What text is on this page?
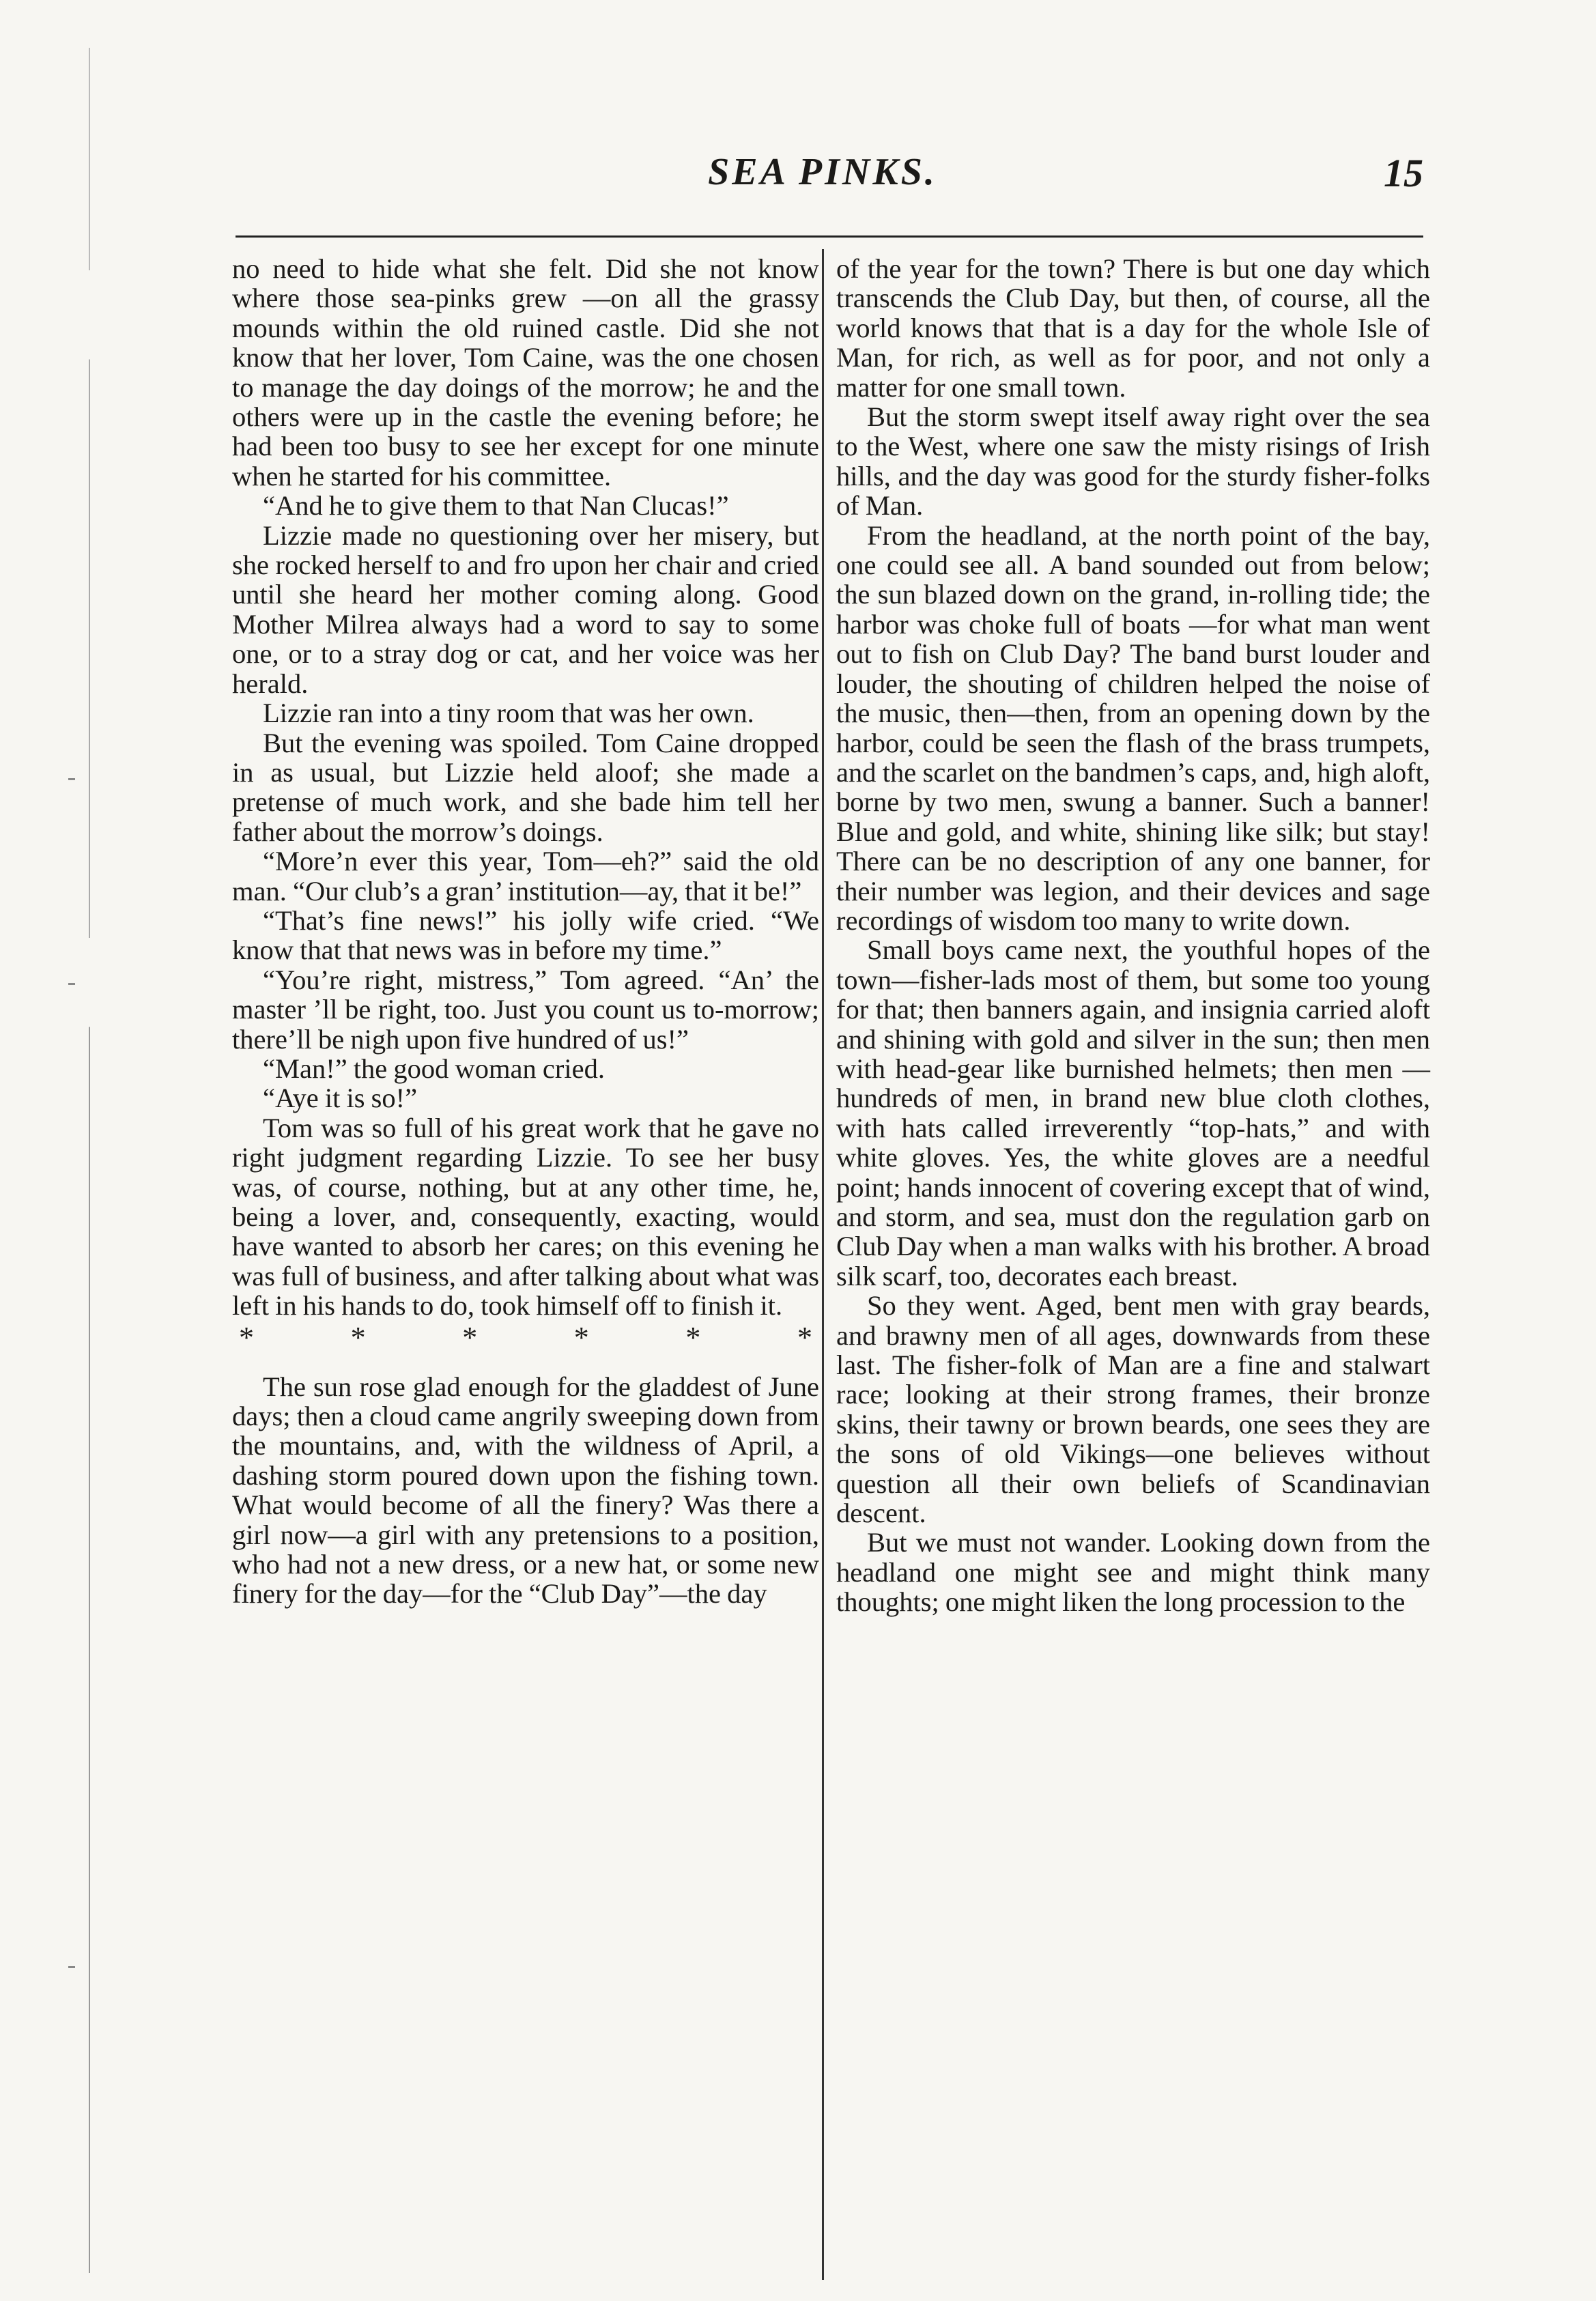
SEA PINKS.	15

no need to hide what she felt. Did she not know where those sea-pinks grew —on all the grassy mounds within the old ruined castle. Did she not know that her lover, Tom Caine, was the one chosen to manage the day doings of the morrow; he and the others were up in the castle the evening before; he had been too busy to see her except for one minute when he started for his committee.

“And he to give them to that Nan Clucas!”

Lizzie made no questioning over her misery, but she rocked herself to and fro upon her chair and cried until she heard her mother coming along. Good Mother Milrea always had a word to say to some one, or to a stray dog or cat, and her voice was her herald.

Lizzie ran into a tiny room that was her own.

But the evening was spoiled. Tom Caine dropped in as usual, but Lizzie held aloof; she made a pretense of much work, and she bade him tell her father about the morrow’s doings.

“More’n ever this year, Tom—eh?” said the old man. “Our club’s a gran’ institution—ay, that it be!”

“That’s fine news!” his jolly wife cried. “We know that that news was in before my time.”

“You’re right, mistress,” Tom agreed. “An’ the master ’ll be right, too. Just you count us to-morrow; there’ll be nigh upon five hundred of us!”

“Man!” the good woman cried.

“Aye it is so!”

Tom was so full of his great work that he gave no right judgment regarding Lizzie. To see her busy was, of course, nothing, but at any other time, he, being a lover, and, consequently, exacting, would have wanted to absorb her cares; on this evening he was full of business, and after talking about what was left in his hands to do, took himself off to finish it.

*	*	*	*	*	*

The sun rose glad enough for the gladdest of June days; then a cloud came angrily sweeping down from the mountains, and, with the wildness of April, a dashing storm poured down upon the fishing town. What would become of all the finery? Was there a girl now—a girl with any pretensions to a position, who had not a new dress, or a new hat, or some new finery for the day—for the “Club Day”—the day

of the year for the town? There is but one day which transcends the Club Day, but then, of course, all the world knows that that is a day for the whole Isle of Man, for rich, as well as for poor, and not only a matter for one small town.

But the storm swept itself away right over the sea to the West, where one saw the misty risings of Irish hills, and the day was good for the sturdy fisher-folks of Man.

From the headland, at the north point of the bay, one could see all. A band sounded out from below; the sun blazed down on the grand, in-rolling tide; the harbor was choke full of boats —for what man went out to fish on Club Day? The band burst louder and louder, the shouting of children helped the noise of the music, then—then, from an opening down by the harbor, could be seen the flash of the brass trumpets, and the scarlet on the bandmen’s caps, and, high aloft, borne by two men, swung a banner. Such a banner! Blue and gold, and white, shining like silk; but stay! There can be no description of any one banner, for their number was legion, and their devices and sage recordings of wisdom too many to write down.

Small boys came next, the youthful hopes of the town—fisher-lads most of them, but some too young for that; then banners again, and insignia carried aloft and shining with gold and silver in the sun; then men with head-gear like burnished helmets; then men —hundreds of men, in brand new blue cloth clothes, with hats called irreverently “top-hats,” and with white gloves. Yes, the white gloves are a needful point; hands innocent of covering except that of wind, and storm, and sea, must don the regulation garb on Club Day when a man walks with his brother. A broad silk scarf, too, decorates each breast.

So they went. Aged, bent men with gray beards, and brawny men of all ages, downwards from these last. The fisher-folk of Man are a fine and stalwart race; looking at their strong frames, their bronze skins, their tawny or brown beards, one sees they are the sons of old Vikings—one believes without question all their own beliefs of Scandinavian descent.

But we must not wander. Looking down from the headland one might see and might think many thoughts; one might liken the long procession to the
